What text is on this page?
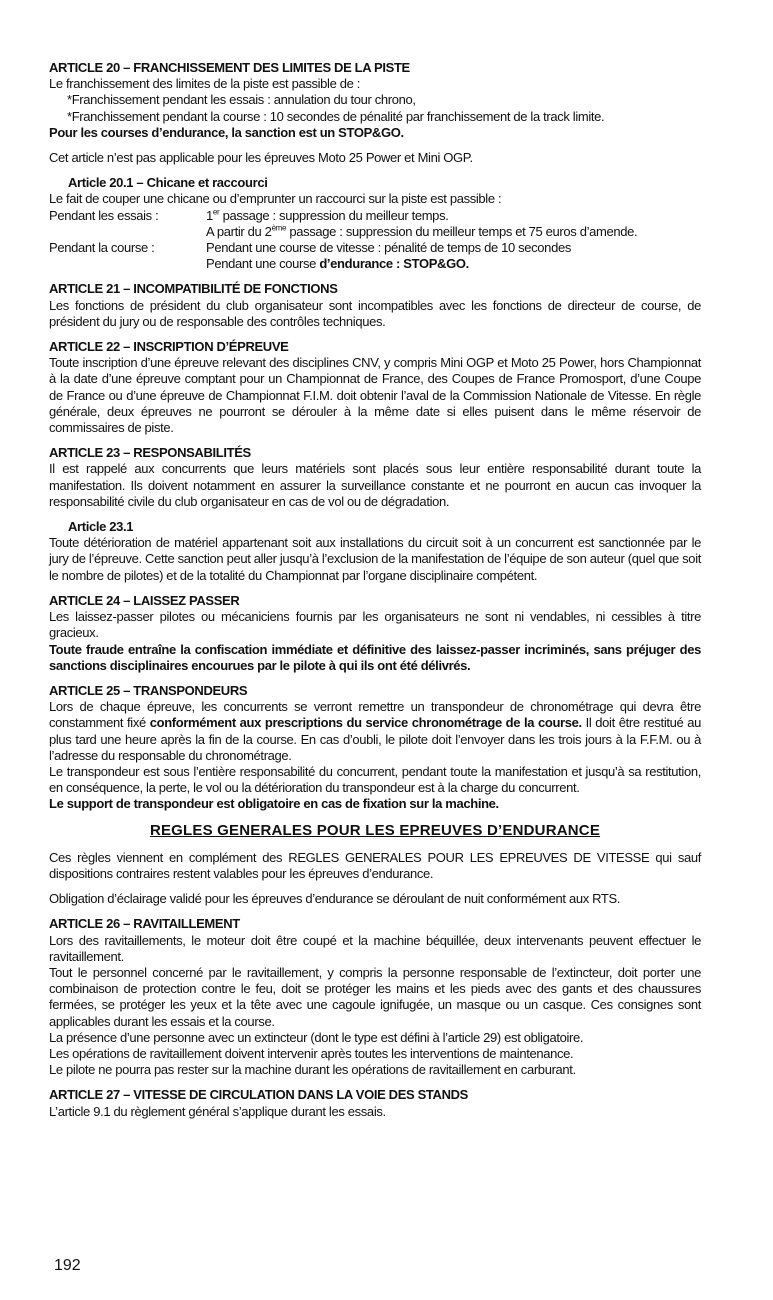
ARTICLE 20 – FRANCHISSEMENT DES LIMITES DE LA PISTE

Le franchissement des limites de la piste est passible de :

*Franchissement pendant les essais : annulation du tour chrono,

*Franchissement pendant la course : 10 secondes de pénalité par franchissement de la track limite.

Pour les courses d’endurance, la sanction est un STOP&GO.

Cet article n’est pas applicable pour les épreuves Moto 25 Power et Mini OGP.

Article 20.1 – Chicane et raccourci

Le fait de couper une chicane ou d’emprunter un raccourci sur la piste est passible :

Pendant les essais :	1er passage : suppression du meilleur temps.

A partir du 2ème passage : suppression du meilleur temps et 75 euros d’amende.

Pendant la course :	Pendant une course de vitesse : pénalité de temps de 10 secondes

Pendant une course d’endurance : STOP&GO.

ARTICLE 21 – INCOMPATIBILITÉ DE FONCTIONS

Les fonctions de président du club organisateur sont incompatibles avec les fonctions de directeur de course, de président du jury ou de responsable des contrôles techniques.

ARTICLE 22 – INSCRIPTION D’ÉPREUVE

Toute inscription d’une épreuve relevant des disciplines CNV, y compris Mini OGP et Moto 25 Power, hors Championnat à la date d’une épreuve comptant pour un Championnat de France, des Coupes de France Promosport, d’une Coupe de France ou d’une épreuve de Championnat F.I.M. doit obtenir l’aval de la Commission Nationale de Vitesse. En règle générale, deux épreuves ne pourront se dérouler à la même date si elles puisent dans le même réservoir de commissaires de piste.

ARTICLE 23 – RESPONSABILITÉS

Il est rappelé aux concurrents que leurs matériels sont placés sous leur entière responsabilité durant toute la manifestation. Ils doivent notamment en assurer la surveillance constante et ne pourront en aucun cas invoquer la responsabilité civile du club organisateur en cas de vol ou de dégradation.

Article 23.1

Toute détérioration de matériel appartenant soit aux installations du circuit soit à un concurrent est sanctionnée par le jury de l’épreuve. Cette sanction peut aller jusqu’à l’exclusion de la manifestation de l’équipe de son auteur (quel que soit le nombre de pilotes) et de la totalité du Championnat par l’organe disciplinaire compétent.

ARTICLE 24 – LAISSEZ PASSER

Les laissez-passer pilotes ou mécaniciens fournis par les organisateurs ne sont ni vendables, ni cessibles à titre gracieux.

Toute fraude entraîne la confiscation immédiate et définitive des laissez-passer incriminés, sans préjuger des sanctions disciplinaires encourues par le pilote à qui ils ont été délivrés.

ARTICLE 25 – TRANSPONDEURS

Lors de chaque épreuve, les concurrents se verront remettre un transpondeur de chronométrage qui devra être constamment fixé conformément aux prescriptions du service chronométrage de la course. Il doit être restitué au plus tard une heure après la fin de la course. En cas d’oubli, le pilote doit l’envoyer dans les trois jours à la F.F.M. ou à l’adresse du responsable du chronométrage.

Le transpondeur est sous l’entière responsabilité du concurrent, pendant toute la manifestation et jusqu’à sa restitution, en conséquence, la perte, le vol ou la détérioration du transpondeur est à la charge du concurrent.

Le support de transpondeur est obligatoire en cas de fixation sur la machine.

REGLES GENERALES POUR LES EPREUVES D’ENDURANCE

Ces règles viennent en complément des REGLES GENERALES POUR LES EPREUVES DE VITESSE qui sauf dispositions contraires restent valables pour les épreuves d’endurance.

Obligation d’éclairage validé pour les épreuves d’endurance se déroulant de nuit conformément aux RTS.

ARTICLE 26 – RAVITAILLEMENT

Lors des ravitaillements, le moteur doit être coupé et la machine béquillée, deux intervenants peuvent effectuer le ravitaillement.

Tout le personnel concerné par le ravitaillement, y compris la personne responsable de l’extincteur, doit porter une combinaison de protection contre le feu, doit se protéger les mains et les pieds avec des gants et des chaussures fermées, se protéger les yeux et la tête avec une cagoule ignifugée, un masque ou un casque. Ces consignes sont applicables durant les essais et la course.

La présence d’une personne avec un extincteur (dont le type est défini à l’article 29) est obligatoire.

Les opérations de ravitaillement doivent intervenir après toutes les interventions de maintenance.

Le pilote ne pourra pas rester sur la machine durant les opérations de ravitaillement en carburant.

ARTICLE 27 – VITESSE DE CIRCULATION DANS LA VOIE DES STANDS

L’article 9.1 du règlement général s’applique durant les essais.

192
